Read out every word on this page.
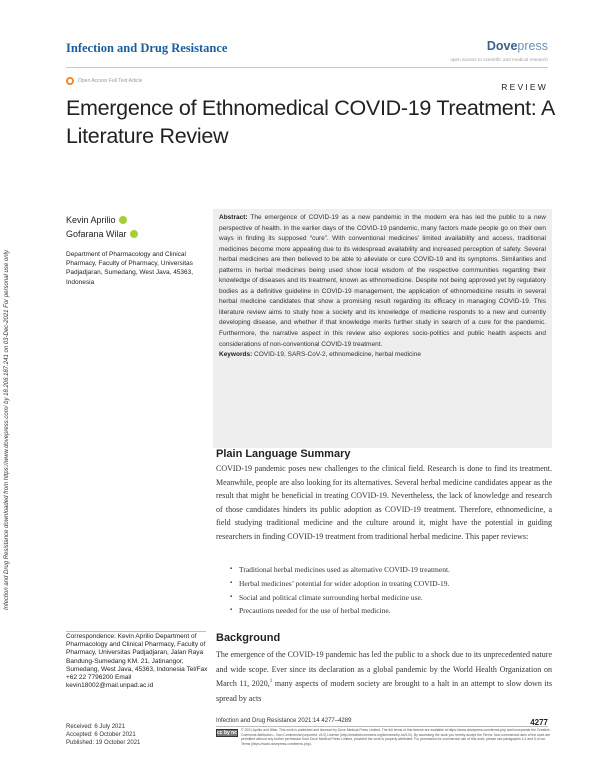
Infection and Drug Resistance	Dovepress
open access to scientific and medical research
Open Access Full Text Article
REVIEW
Emergence of Ethnomedical COVID-19 Treatment: A Literature Review
Infection and Drug Resistance downloaded from https://www.dovepress.com/ by 18.206.187.241 on 03-Dec-2021 For personal use only.
Kevin Aprilio
Gofarana Wilar
Department of Pharmacology and Clinical Pharmacy, Faculty of Pharmacy, Universitas Padjadjaran, Sumedang, West Java, 45363, Indonesia
Abstract: The emergence of COVID-19 as a new pandemic in the modern era has led the public to a new perspective of health. In the earlier days of the COVID-19 pandemic, many factors made people go on their own ways in finding its supposed “cure”. With conventional medicines’ limited availability and access, traditional medicines become more appealing due to its widespread availability and increased perception of safety. Several herbal medicines are then believed to be able to alleviate or cure COVID-19 and its symptoms. Similarities and patterns in herbal medicines being used show local wisdom of the respective communities regarding their knowledge of diseases and its treatment, known as ethnomedicine. Despite not being approved yet by regulatory bodies as a definitive guideline in COVID-19 management, the application of ethnomedicine results in several herbal medicine candidates that show a promising result regarding its efficacy in managing COVID-19. This literature review aims to study how a society and its knowledge of medicine responds to a new and currently developing disease, and whether if that knowledge merits further study in search of a cure for the pandemic. Furthermore, the narrative aspect in this review also explores socio-politics and public health aspects and considerations of non-conventional COVID-19 treatment.
Keywords: COVID-19, SARS-CoV-2, ethnomedicine, herbal medicine
Plain Language Summary
COVID-19 pandemic poses new challenges to the clinical field. Research is done to find its treatment. Meanwhile, people are also looking for its alternatives. Several herbal medicine candidates appear as the result that might be beneficial in treating COVID-19. Nevertheless, the lack of knowledge and research of those candidates hinders its public adoption as COVID-19 treatment. Therefore, ethnomedicine, a field studying traditional medicine and the culture around it, might have the potential in guiding researchers in finding COVID-19 treatment from traditional herbal medicine. This paper reviews:
▪ Traditional herbal medicines used as alternative COVID-19 treatment.
▪ Herbal medicines’ potential for wider adoption in treating COVID-19.
▪ Social and political climate surrounding herbal medicine use.
▪ Precautions needed for the use of herbal medicine.
Correspondence: Kevin Aprilio Department of Pharmacology and Clinical Pharmacy, Faculty of Pharmacy, Universitas Padjadjaran, Jalan Raya Bandung-Sumedang KM. 21, Jatinangor, Sumedang, West Java, 45363, Indonesia Tel/Fax +62 22 7796200 Email kevin18002@mail.unpad.ac.id
Background
The emergence of the COVID-19 pandemic has led the public to a shock due to its unprecedented nature and wide scope. Ever since its declaration as a global pandemic by the World Health Organization on March 11, 2020,$^1$ many aspects of modern society are brought to a halt in an attempt to slow down its spread by acts
Received: 6 July 2021
Accepted: 6 October 2021
Published: 19 October 2021
Infection and Drug Resistance 2021:14 4277–4289	4277
cc by nc © 2021 Aprilio and Wilar. This work is published and licensed by Dove Medical Press Limited. The full terms of this license are available at https://www.dovepress.com/terms.php and incorporate the Creative Commons Attribution – Non Commercial (unported, v3.0) License (http://creativecommons.org/licenses/by-nc/3.0/). By accessing the work you hereby accept the Terms. Non-commercial uses of the work are permitted without any further permission from Dove Medical Press Limited, provided the work is properly attributed. For permission for commercial use of this work, please see paragraphs 4.2 and 5 of our Terms (https://www.dovepress.com/terms.php).
